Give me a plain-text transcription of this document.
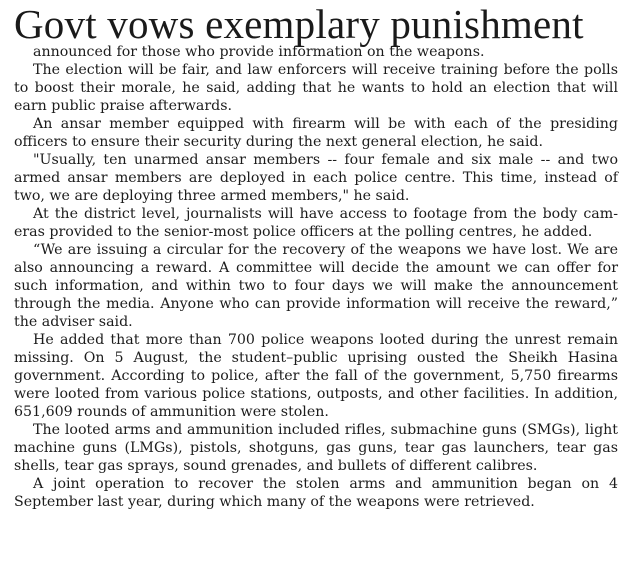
Govt vows exemplary punishment

announced for those who provide information on the weapons.

The election will be fair, and law enforcers will receive training before the polls to boost their morale, he said, adding that he wants to hold an election that will earn public praise afterwards.

An ansar member equipped with firearm will be with each of the presiding officers to ensure their security during the next general election, he said.

"Usually, ten unarmed ansar members -- four female and six male -- and two armed ansar members are deployed in each police centre. This time, instead of two, we are deploying three armed members," he said.

At the district level, journalists will have access to footage from the body cameras provided to the senior-most police officers at the polling centres, he added.

“We are issuing a circular for the recovery of the weapons we have lost. We are also announcing a reward. A committee will decide the amount we can offer for such information, and within two to four days we will make the announcement through the media. Anyone who can provide information will receive the reward,” the adviser said.

He added that more than 700 police weapons looted during the unrest remain missing. On 5 August, the student–public uprising ousted the Sheikh Hasina government. According to police, after the fall of the government, 5,750 firearms were looted from various police stations, outposts, and other facilities. In addition, 651,609 rounds of ammunition were stolen.

The looted arms and ammunition included rifles, submachine guns (SMGs), light machine guns (LMGs), pistols, shotguns, gas guns, tear gas launchers, tear gas shells, tear gas sprays, sound grenades, and bullets of different calibres.

A joint operation to recover the stolen arms and ammunition began on 4 September last year, during which many of the weapons were retrieved.
